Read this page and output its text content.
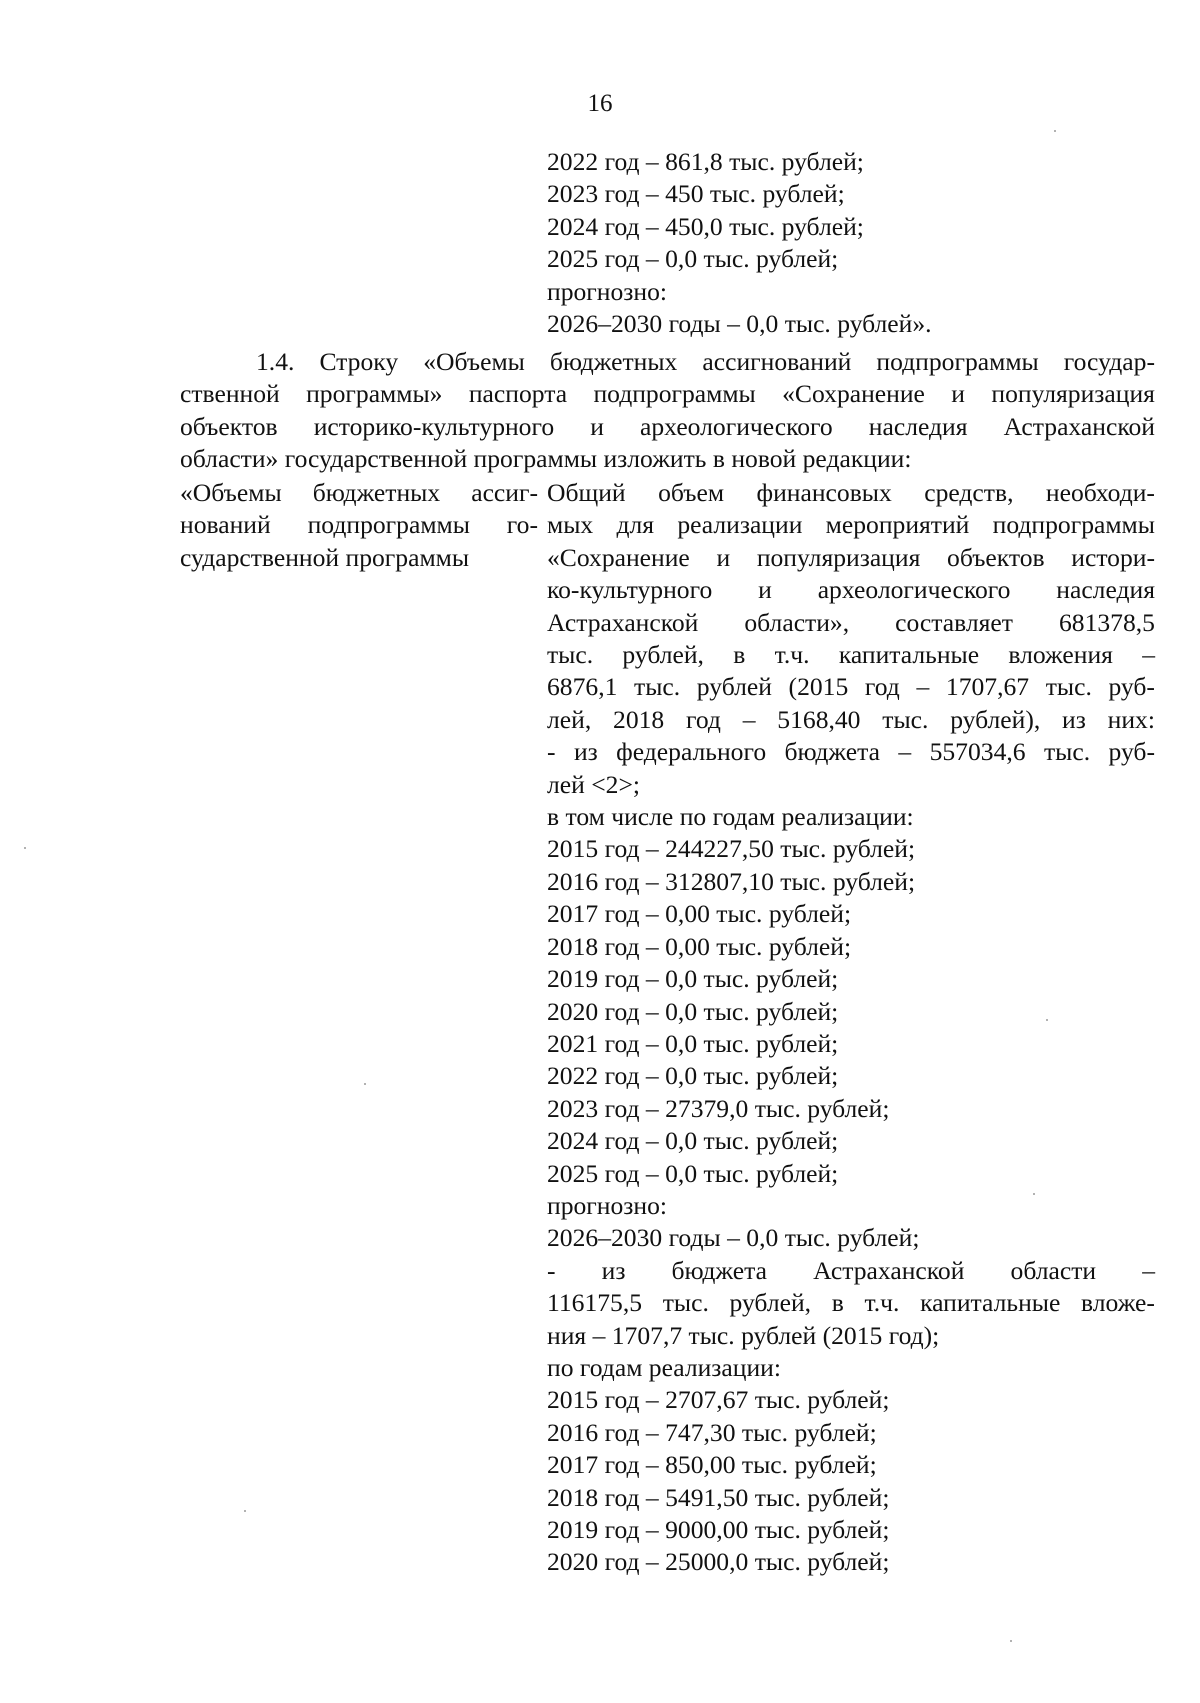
16
2022 год – 861,8 тыс. рублей;
2023 год – 450 тыс. рублей;
2024 год – 450,0 тыс. рублей;
2025 год – 0,0 тыс. рублей;
прогнозно:
2026–2030 годы – 0,0 тыс. рублей».
1.4. Строку «Объемы бюджетных ассигнований подпрограммы государ-
ственной программы» паспорта подпрограммы «Сохранение и популяризация
объектов историко-культурного и археологического наследия Астраханской
области» государственной программы изложить в новой редакции:
«Объемы бюджетных ассиг-
нований подпрограммы го-
сударственной программы
Общий объем финансовых средств, необходи-
мых для реализации мероприятий подпрограммы
«Сохранение и популяризация объектов истори-
ко-культурного и археологического наследия
Астраханской области», составляет 681378,5
тыс. рублей, в т.ч. капитальные вложения –
6876,1 тыс. рублей (2015 год – 1707,67 тыс. руб-
лей, 2018 год – 5168,40 тыс. рублей), из них:
- из федерального бюджета – 557034,6 тыс. руб-
лей <2>;
в том числе по годам реализации:
2015 год – 244227,50 тыс. рублей;
2016 год – 312807,10 тыс. рублей;
2017 год – 0,00 тыс. рублей;
2018 год – 0,00 тыс. рублей;
2019 год – 0,0 тыс. рублей;
2020 год – 0,0 тыс. рублей;
2021 год – 0,0 тыс. рублей;
2022 год – 0,0 тыс. рублей;
2023 год – 27379,0 тыс. рублей;
2024 год – 0,0 тыс. рублей;
2025 год – 0,0 тыс. рублей;
прогнозно:
2026–2030 годы – 0,0 тыс. рублей;
- из бюджета Астраханской области –
116175,5 тыс. рублей, в т.ч. капитальные вложе-
ния – 1707,7 тыс. рублей (2015 год);
по годам реализации:
2015 год – 2707,67 тыс. рублей;
2016 год – 747,30 тыс. рублей;
2017 год – 850,00 тыс. рублей;
2018 год – 5491,50 тыс. рублей;
2019 год – 9000,00 тыс. рублей;
2020 год – 25000,0 тыс. рублей;
